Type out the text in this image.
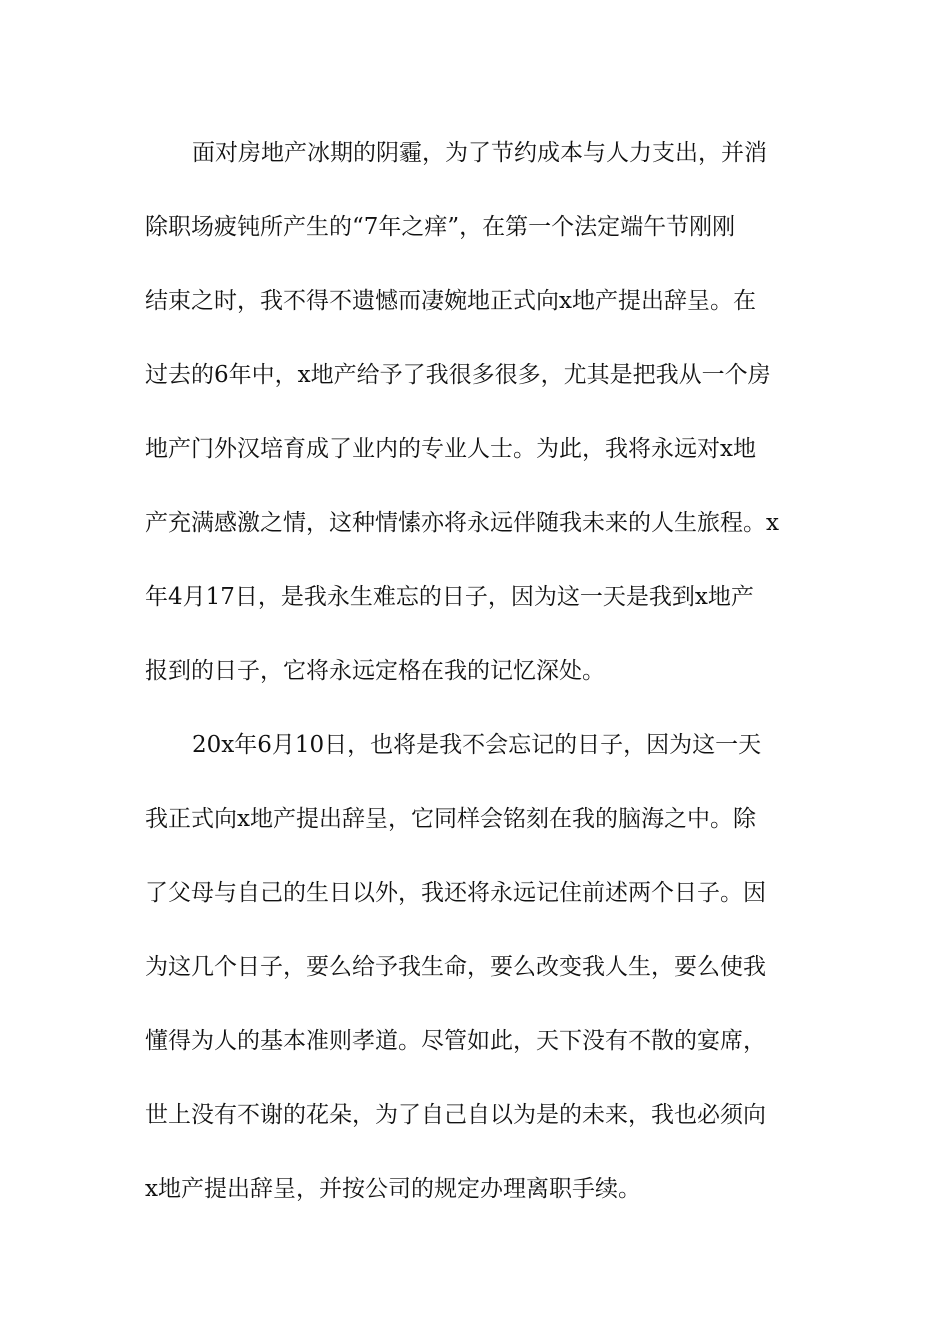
面对房地产冰期的阴霾，为了节约成本与人力支出，并消
除职场疲钝所产生的“7年之痒”，在第一个法定端午节刚刚
结束之时，我不得不遗憾而凄婉地正式向x地产提出辞呈。在
过去的6年中，x地产给予了我很多很多，尤其是把我从一个房
地产门外汉培育成了业内的专业人士。为此，我将永远对x地
产充满感激之情，这种情愫亦将永远伴随我未来的人生旅程。x
年4月17日，是我永生难忘的日子，因为这一天是我到x地产
报到的日子，它将永远定格在我的记忆深处。
20x年6月10日，也将是我不会忘记的日子，因为这一天
我正式向x地产提出辞呈，它同样会铭刻在我的脑海之中。除
了父母与自己的生日以外，我还将永远记住前述两个日子。因
为这几个日子，要么给予我生命，要么改变我人生，要么使我
懂得为人的基本准则孝道。尽管如此，天下没有不散的宴席，
世上没有不谢的花朵，为了自己自以为是的未来，我也必须向
x地产提出辞呈，并按公司的规定办理离职手续。
